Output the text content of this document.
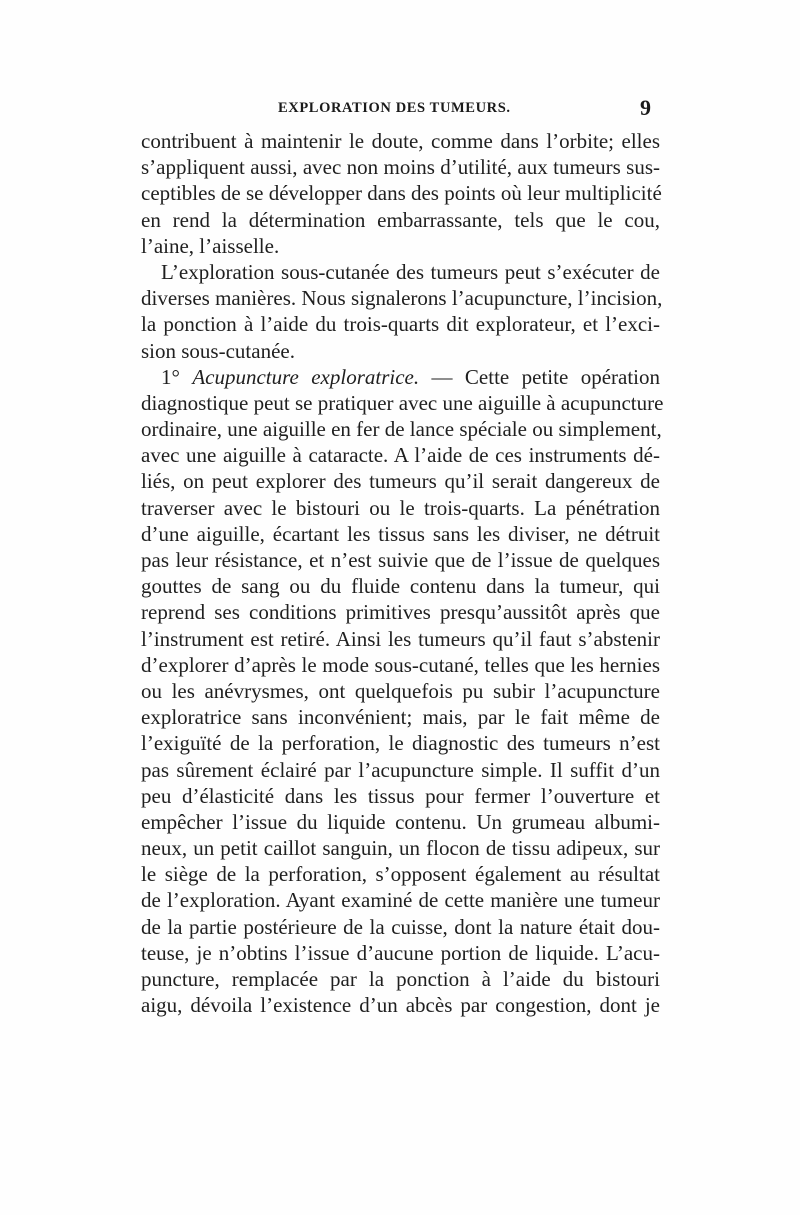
EXPLORATION DES TUMEURS.	9
contribuent à maintenir le doute, comme dans l’orbite; elles
s’appliquent aussi, avec non moins d’utilité, aux tumeurs sus-
ceptibles de se développer dans des points où leur multiplicité
en rend la détermination embarrassante, tels que le cou,
l’aine, l’aisselle.
L’exploration sous-cutanée des tumeurs peut s’exécuter de
diverses manières. Nous signalerons l’acupuncture, l’incision,
la ponction à l’aide du trois-quarts dit explorateur, et l’exci-
sion sous-cutanée.
1° Acupuncture exploratrice. — Cette petite opération
diagnostique peut se pratiquer avec une aiguille à acupuncture
ordinaire, une aiguille en fer de lance spéciale ou simplement,
avec une aiguille à cataracte. A l’aide de ces instruments dé-
liés, on peut explorer des tumeurs qu’il serait dangereux de
traverser avec le bistouri ou le trois-quarts. La pénétration
d’une aiguille, écartant les tissus sans les diviser, ne détruit
pas leur résistance, et n’est suivie que de l’issue de quelques
gouttes de sang ou du fluide contenu dans la tumeur, qui
reprend ses conditions primitives presqu’aussitôt après que
l’instrument est retiré. Ainsi les tumeurs qu’il faut s’abstenir
d’explorer d’après le mode sous-cutané, telles que les hernies
ou les anévrysmes, ont quelquefois pu subir l’acupuncture
exploratrice sans inconvénient; mais, par le fait même de
l’exiguïté de la perforation, le diagnostic des tumeurs n’est
pas sûrement éclairé par l’acupuncture simple. Il suffit d’un
peu d’élasticité dans les tissus pour fermer l’ouverture et
empêcher l’issue du liquide contenu. Un grumeau albumi-
neux, un petit caillot sanguin, un flocon de tissu adipeux, sur
le siège de la perforation, s’opposent également au résultat
de l’exploration. Ayant examiné de cette manière une tumeur
de la partie postérieure de la cuisse, dont la nature était dou-
teuse, je n’obtins l’issue d’aucune portion de liquide. L’acu-
puncture, remplacée par la ponction à l’aide du bistouri
aigu, dévoila l’existence d’un abcès par congestion, dont je
